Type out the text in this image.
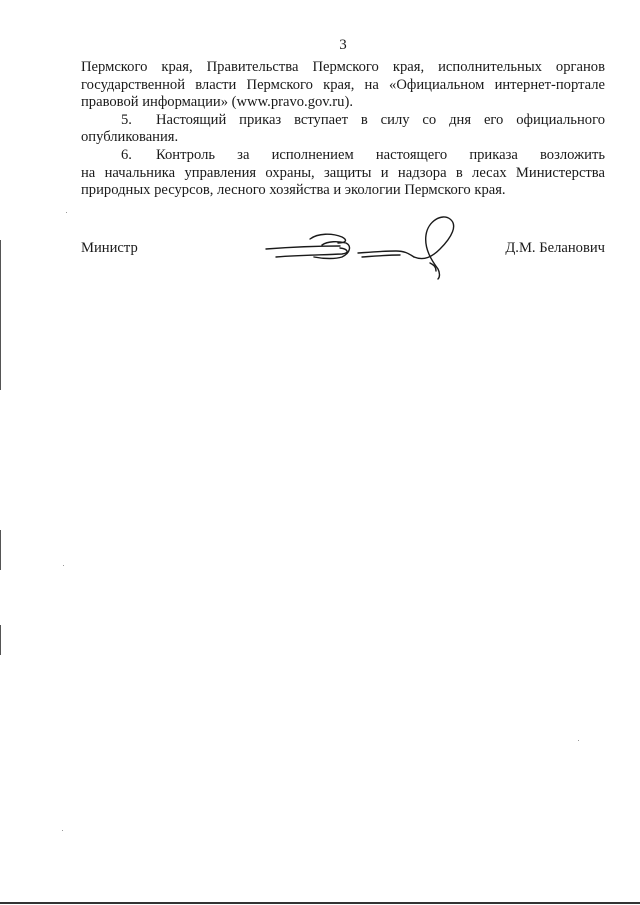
3
Пермского края, Правительства Пермского края, исполнительных органов
государственной власти Пермского края, на «Официальном интернет-портале
правовой информации» (www.pravo.gov.ru).
5. Настоящий приказ вступает в силу со дня его официального
опубликования.
6. Контроль за исполнением настоящего приказа возложить
на начальника управления охраны, защиты и надзора в лесах Министерства
природных ресурсов, лесного хозяйства и экологии Пермского края.
Министр	Д.М. Беланович
